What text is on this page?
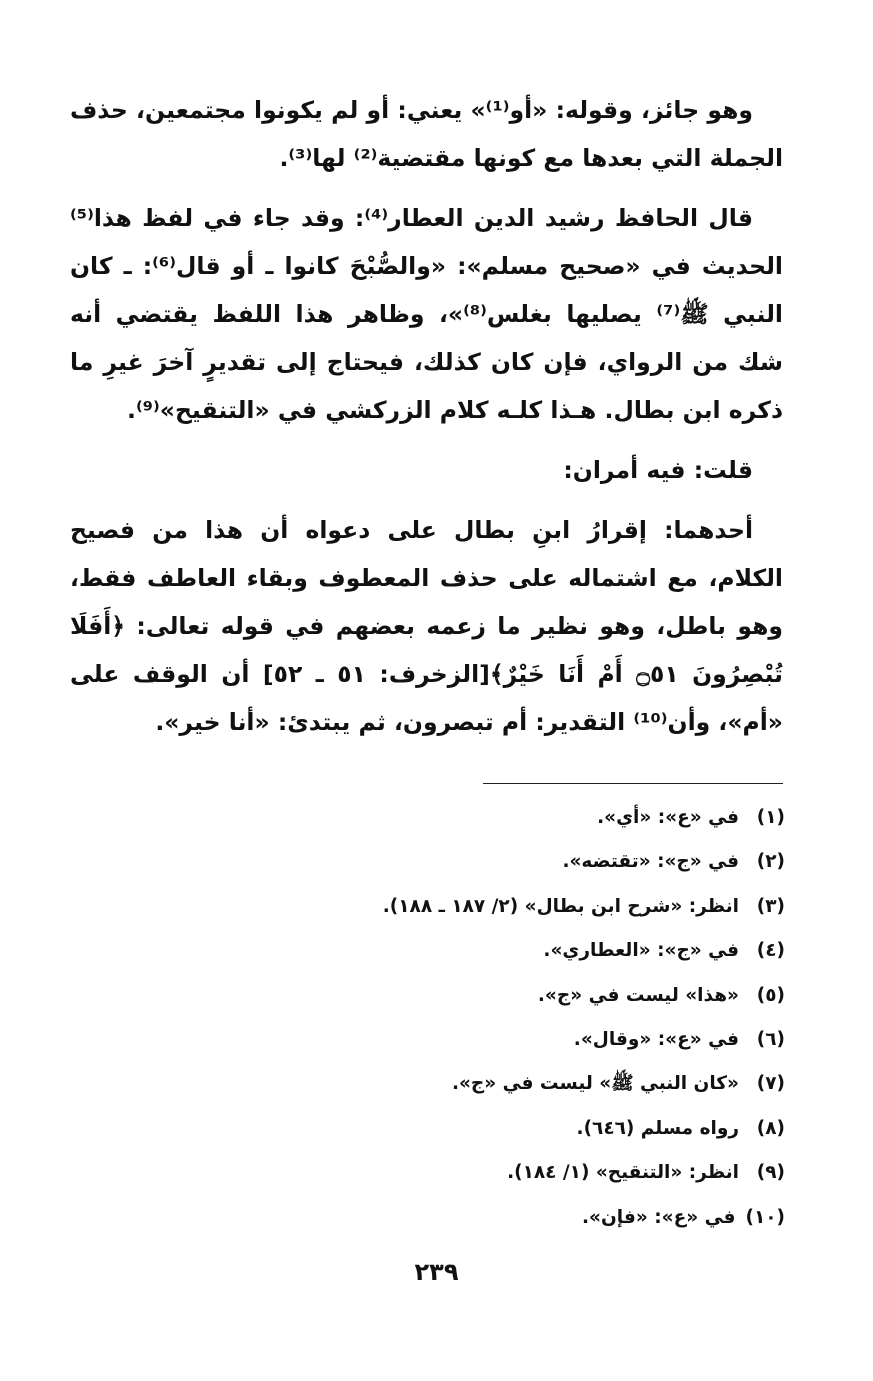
وهو جائز، وقوله: «أو⁽¹⁾» يعني: أو لم يكونوا مجتمعين، حذف الجملة التي بعدها مع كونها مقتضية⁽²⁾ لها⁽³⁾.

قال الحافظ رشيد الدين العطار⁽⁴⁾: وقد جاء في لفظ هذا⁽⁵⁾ الحديث في «صحيح مسلم»: «والصُّبْحَ كانوا ـ أو قال⁽⁶⁾: ـ كان النبي ﷺ⁽⁷⁾ يصليها بغلس⁽⁸⁾»، وظاهر هذا اللفظ يقتضي أنه شك من الرواي، فإن كان كذلك، فيحتاج إلى تقديرٍ آخرَ غيرِ ما ذكره ابن بطال. هـذا كلـه كلام الزركشي في «التنقيح»⁽⁹⁾.

قلت: فيه أمران:

أحدهما: إقرارُ ابنِ بطال على دعواه أن هذا من فصيح الكلام، مع اشتماله على حذف المعطوف وبقاء العاطف فقط، وهو باطل، وهو نظير ما زعمه بعضهم في قوله تعالى: ﴿أَفَلَا تُبْصِرُونَ ۝٥١ أَمْ أَنَا خَيْرٌ﴾[الزخرف: ٥١ ـ ٥٢] أن الوقف على «أم»، وأن⁽¹⁰⁾ التقدير: أم تبصرون، ثم يبتدئ: «أنا خير».

(١)في «ع»: «أي».
(٢)في «ج»: «تقتضه».
(٣)انظر: «شرح ابن بطال» (٢/ ١٨٧ ـ ١٨٨).
(٤)في «ج»: «العطاري».
(٥)«هذا» ليست في «ج».
(٦)في «ع»: «وقال».
(٧)«كان النبي ﷺ» ليست في «ج».
(٨)رواه مسلم (٦٤٦).
(٩)انظر: «التنقيح» (١/ ١٨٤).
(١٠)في «ع»: «فإن».
٢٣٩
